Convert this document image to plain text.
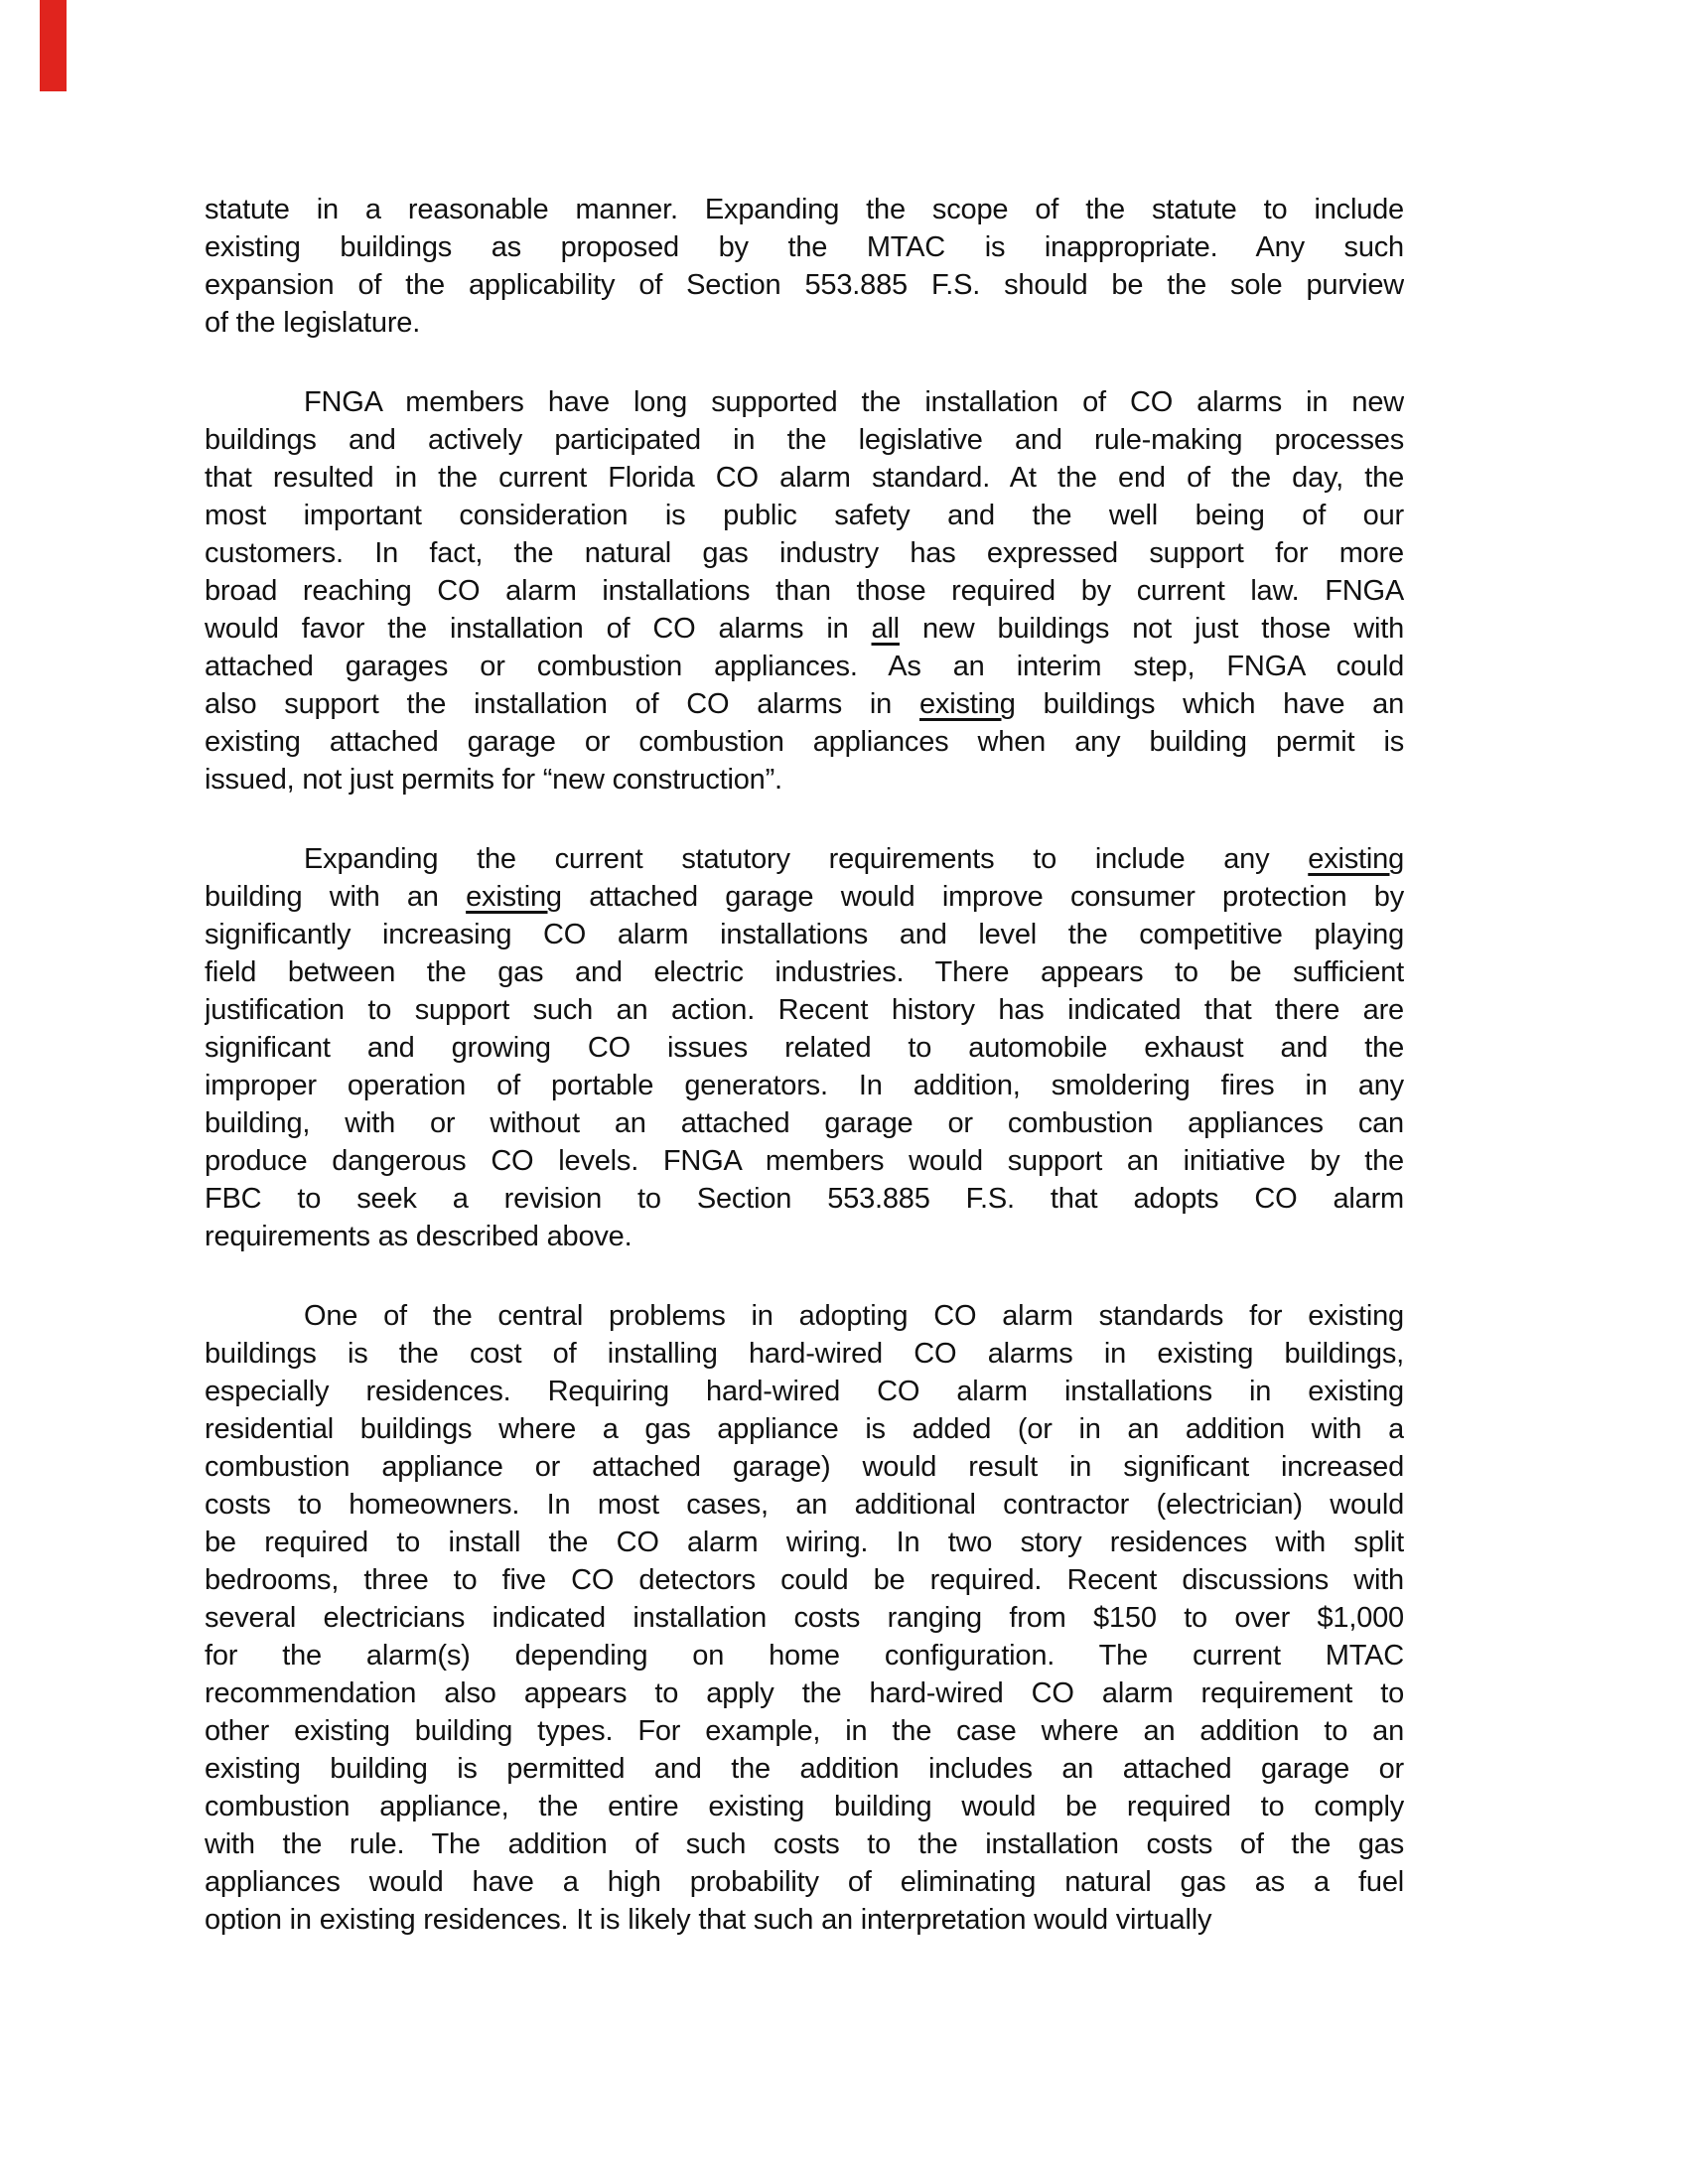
statute in a reasonable manner. Expanding the scope of the statute to include
existing buildings as proposed by the MTAC is inappropriate. Any such
expansion of the applicability of Section 553.885 F.S. should be the sole purview
of the legislature.
FNGA members have long supported the installation of CO alarms in new
buildings and actively participated in the legislative and rule-making processes
that resulted in the current Florida CO alarm standard. At the end of the day, the
most important consideration is public safety and the well being of our
customers. In fact, the natural gas industry has expressed support for more
broad reaching CO alarm installations than those required by current law. FNGA
would favor the installation of CO alarms in all new buildings not just those with
attached garages or combustion appliances. As an interim step, FNGA could
also support the installation of CO alarms in existing buildings which have an
existing attached garage or combustion appliances when any building permit is
issued, not just permits for “new construction”.
Expanding the current statutory requirements to include any existing
building with an existing attached garage would improve consumer protection by
significantly increasing CO alarm installations and level the competitive playing
field between the gas and electric industries. There appears to be sufficient
justification to support such an action. Recent history has indicated that there are
significant and growing CO issues related to automobile exhaust and the
improper operation of portable generators. In addition, smoldering fires in any
building, with or without an attached garage or combustion appliances can
produce dangerous CO levels. FNGA members would support an initiative by the
FBC to seek a revision to Section 553.885 F.S. that adopts CO alarm
requirements as described above.
One of the central problems in adopting CO alarm standards for existing
buildings is the cost of installing hard-wired CO alarms in existing buildings,
especially residences. Requiring hard-wired CO alarm installations in existing
residential buildings where a gas appliance is added (or in an addition with a
combustion appliance or attached garage) would result in significant increased
costs to homeowners. In most cases, an additional contractor (electrician) would
be required to install the CO alarm wiring. In two story residences with split
bedrooms, three to five CO detectors could be required. Recent discussions with
several electricians indicated installation costs ranging from $150 to over $1,000
for the alarm(s) depending on home configuration. The current MTAC
recommendation also appears to apply the hard-wired CO alarm requirement to
other existing building types. For example, in the case where an addition to an
existing building is permitted and the addition includes an attached garage or
combustion appliance, the entire existing building would be required to comply
with the rule. The addition of such costs to the installation costs of the gas
appliances would have a high probability of eliminating natural gas as a fuel
option in existing residences. It is likely that such an interpretation would virtually
